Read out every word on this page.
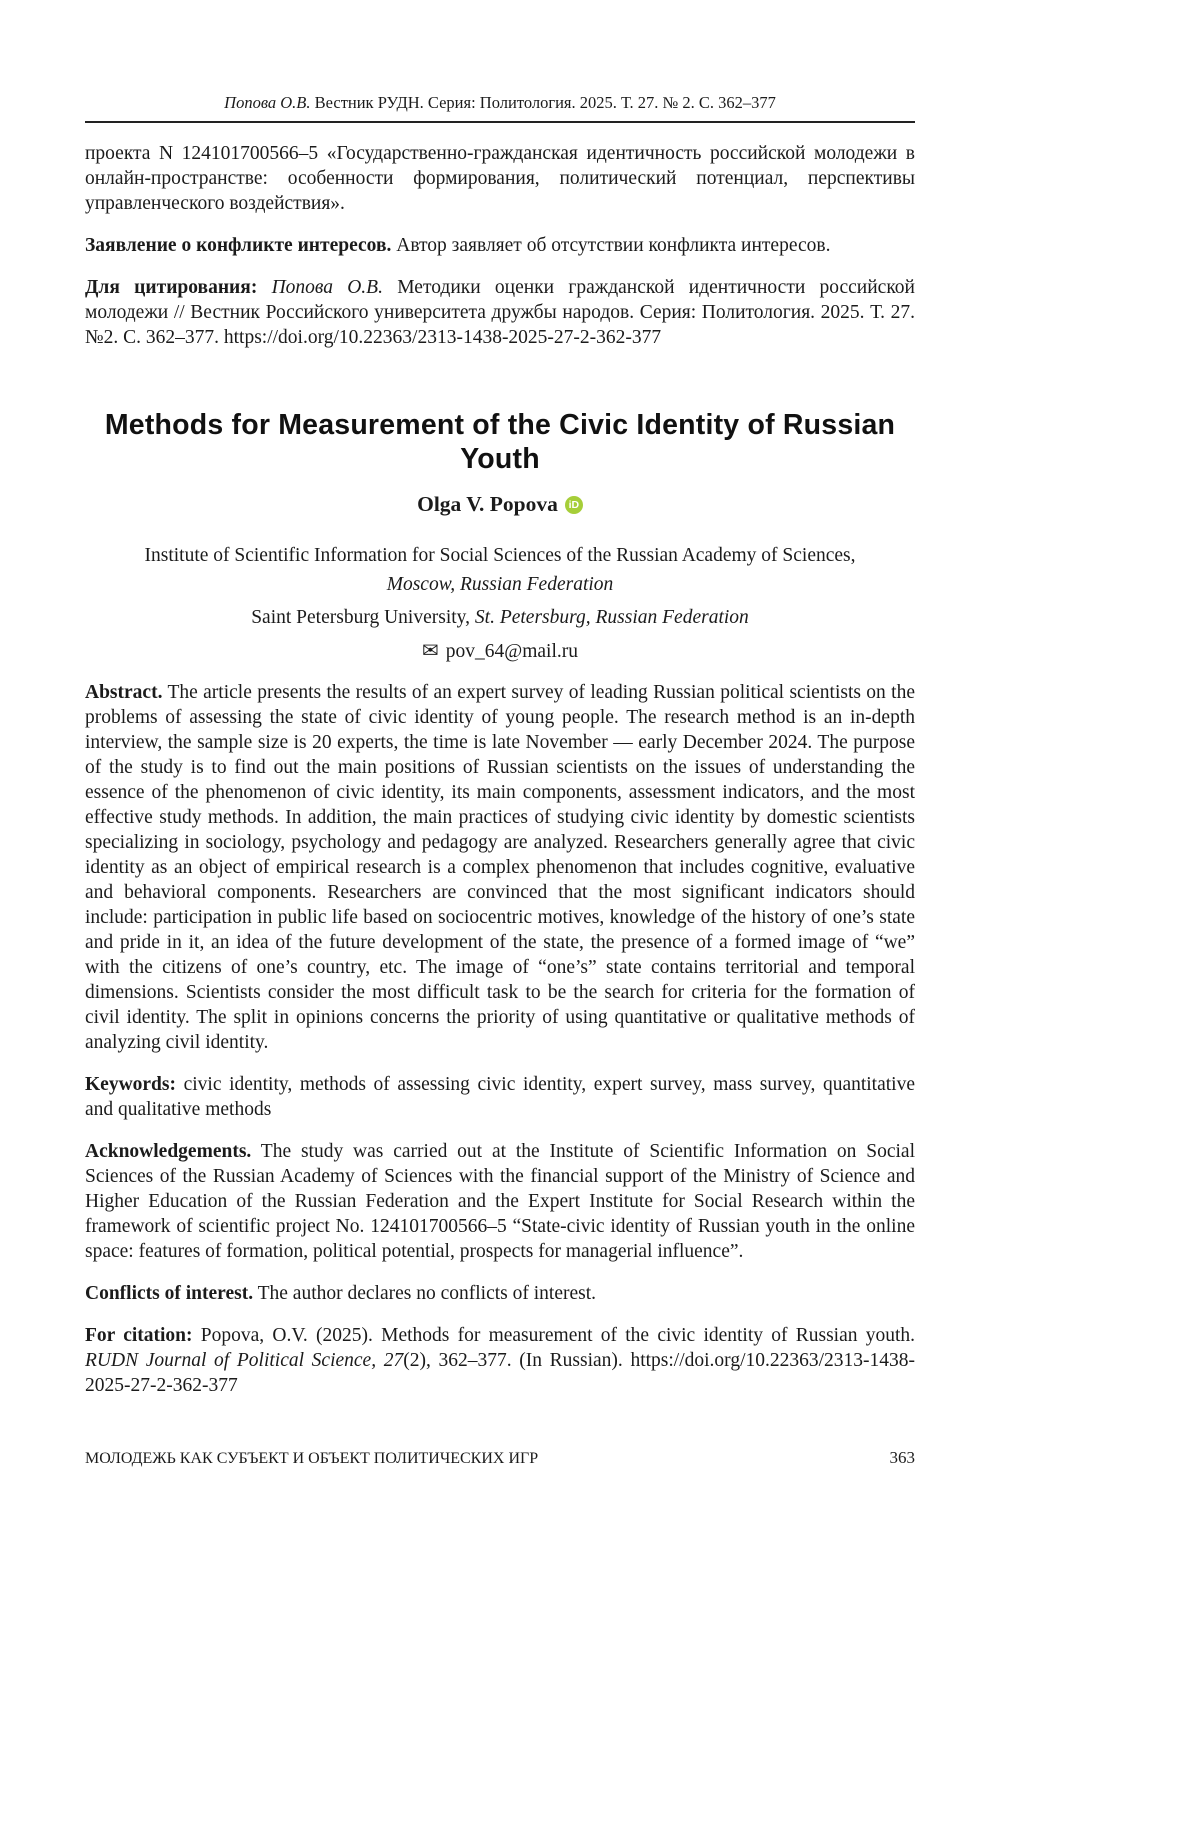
Попова О.В. Вестник РУДН. Серия: Политология. 2025. Т. 27. № 2. С. 362–377

проекта N 124101700566–5 «Государственно-гражданская идентичность российской молодежи в онлайн-пространстве: особенности формирования, политический потенциал, перспективы управленческого воздействия».

Заявление о конфликте интересов. Автор заявляет об отсутствии конфликта интересов.

Для цитирования: Попова О.В. Методики оценки гражданской идентичности российской молодежи // Вестник Российского университета дружбы народов. Серия: Политология. 2025. Т. 27. №2. С. 362–377. https://doi.org/10.22363/2313-1438-2025-27-2-362-377

Methods for Measurement of the Civic Identity of Russian Youth
Olga V. Popova iD
Institute of Scientific Information for Social Sciences of the Russian Academy of Sciences,
Moscow, Russian Federation
Saint Petersburg University, St. Petersburg, Russian Federation
✉ pov_64@mail.ru

Abstract. The article presents the results of an expert survey of leading Russian political scientists on the problems of assessing the state of civic identity of young people. The research method is an in-depth interview, the sample size is 20 experts, the time is late November — early December 2024. The purpose of the study is to find out the main positions of Russian scientists on the issues of understanding the essence of the phenomenon of civic identity, its main components, assessment indicators, and the most effective study methods. In addition, the main practices of studying civic identity by domestic scientists specializing in sociology, psychology and pedagogy are analyzed. Researchers generally agree that civic identity as an object of empirical research is a complex phenomenon that includes cognitive, evaluative and behavioral components. Researchers are convinced that the most significant indicators should include: participation in public life based on sociocentric motives, knowledge of the history of one’s state and pride in it, an idea of the future development of the state, the presence of a formed image of “we” with the citizens of one’s country, etc. The image of “one’s” state contains territorial and temporal dimensions. Scientists consider the most difficult task to be the search for criteria for the formation of civil identity. The split in opinions concerns the priority of using quantitative or qualitative methods of analyzing civil identity.

Keywords: civic identity, methods of assessing civic identity, expert survey, mass survey, quantitative and qualitative methods

Acknowledgements. The study was carried out at the Institute of Scientific Information on Social Sciences of the Russian Academy of Sciences with the financial support of the Ministry of Science and Higher Education of the Russian Federation and the Expert Institute for Social Research within the framework of scientific project No. 124101700566–5 “State-civic identity of Russian youth in the online space: features of formation, political potential, prospects for managerial influence”.

Conflicts of interest. The author declares no conflicts of interest.

For citation: Popova, O.V. (2025). Methods for measurement of the civic identity of Russian youth. RUDN Journal of Political Science, 27(2), 362–377. (In Russian). https://doi.org/10.22363/2313-1438-2025-27-2-362-377

МОЛОДЕЖЬ КАК СУБЪЕКТ И ОБЪЕКТ ПОЛИТИЧЕСКИХ ИГР	363
